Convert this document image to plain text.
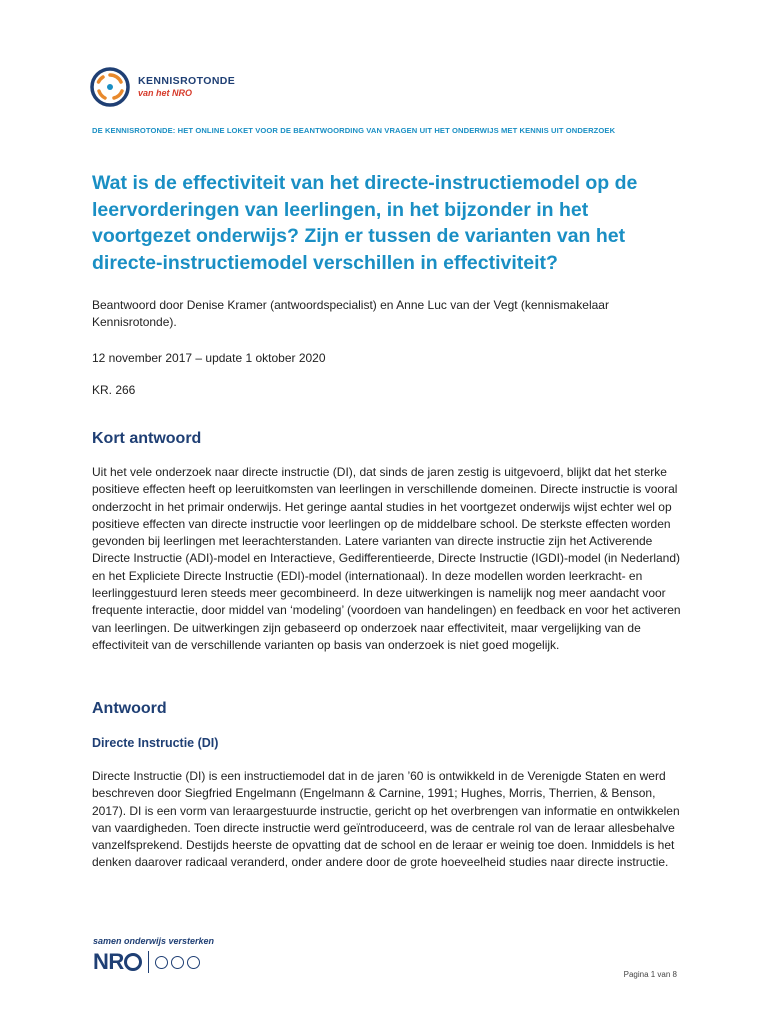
KENNISROTONDE
van het NRO
DE KENNISROTONDE: HET ONLINE LOKET VOOR DE BEANTWOORDING VAN VRAGEN UIT HET ONDERWIJS MET KENNIS UIT ONDERZOEK
Wat is de effectiviteit van het directe-instructiemodel op de leervorderingen van leerlingen, in het bijzonder in het voortgezet onderwijs? Zijn er tussen de varianten van het directe-instructiemodel verschillen in effectiviteit?

Beantwoord door Denise Kramer (antwoordspecialist) en Anne Luc van der Vegt (kennismakelaar Kennisrotonde).

12 november 2017 – update 1 oktober 2020

KR. 266

Kort antwoord

Uit het vele onderzoek naar directe instructie (DI), dat sinds de jaren zestig is uitgevoerd, blijkt dat het sterke positieve effecten heeft op leeruitkomsten van leerlingen in verschillende domeinen. Directe instructie is vooral onderzocht in het primair onderwijs. Het geringe aantal studies in het voortgezet onderwijs wijst echter wel op positieve effecten van directe instructie voor leerlingen op de middelbare school. De sterkste effecten worden gevonden bij leerlingen met leerachterstanden. Latere varianten van directe instructie zijn het Activerende Directe Instructie (ADI)-model en Interactieve, Gedifferentieerde, Directe Instructie (IGDI)-model (in Nederland) en het Expliciete Directe Instructie (EDI)-model (internationaal). In deze modellen worden leerkracht- en leerlinggestuurd leren steeds meer gecombineerd. In deze uitwerkingen is namelijk nog meer aandacht voor frequente interactie, door middel van ‘modeling’ (voordoen van handelingen) en feedback en voor het activeren van leerlingen. De uitwerkingen zijn gebaseerd op onderzoek naar effectiviteit, maar vergelijking van de effectiviteit van de verschillende varianten op basis van onderzoek is niet goed mogelijk.

Antwoord
Directe Instructie (DI)

Directe Instructie (DI) is een instructiemodel dat in de jaren ’60 is ontwikkeld in de Verenigde Staten en werd beschreven door Siegfried Engelmann (Engelmann & Carnine, 1991; Hughes, Morris, Therrien, & Benson, 2017). DI is een vorm van leraargestuurde instructie, gericht op het overbrengen van informatie en ontwikkelen van vaardigheden. Toen directe instructie werd geïntroduceerd, was de centrale rol van de leraar allesbehalve vanzelfsprekend. Destijds heerste de opvatting dat de school en de leraar er weinig toe doen. Inmiddels is het denken daarover radicaal veranderd, onder andere door de grote hoeveelheid studies naar directe instructie.

samen onderwijs versterken
NR
Pagina 1 van 8
